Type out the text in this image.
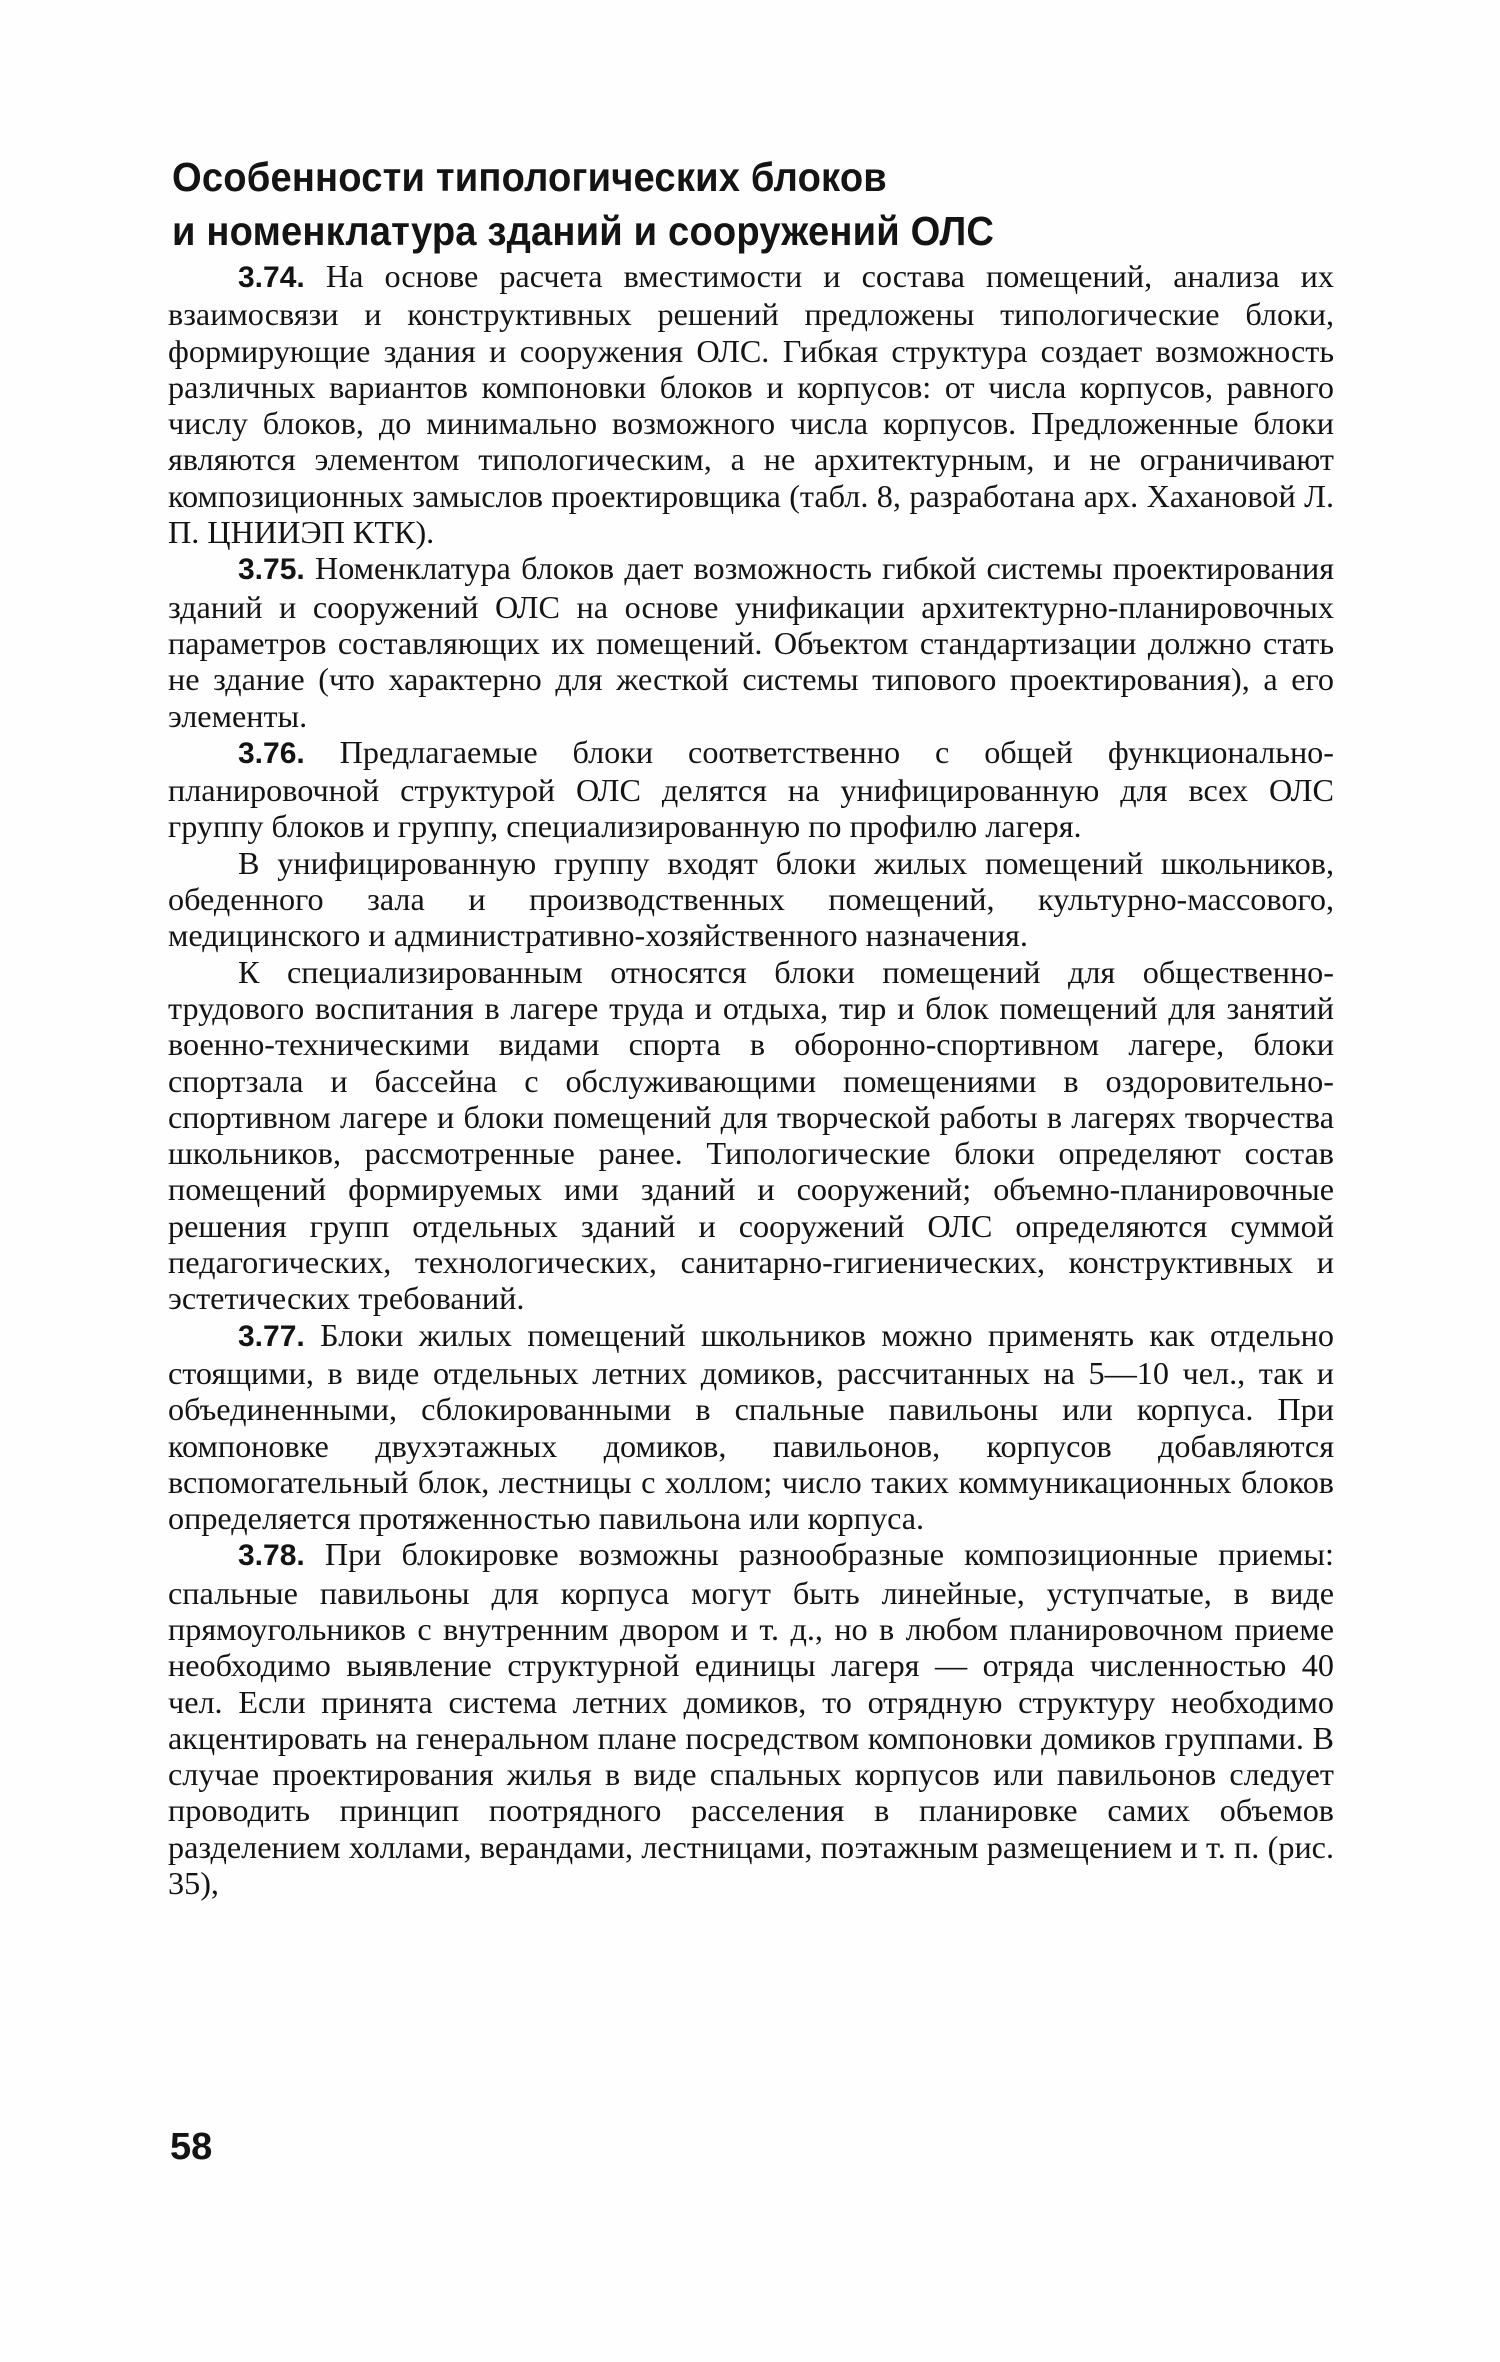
Особенности типологических блоков
и номенклатура зданий и сооружений ОЛС

3.74. На основе расчета вместимости и состава помещений, анализа их взаимосвязи и конструктивных решений предложены типологические блоки, формирующие здания и сооружения ОЛС. Гибкая структура создает возможность различных вариантов компоновки блоков и корпусов: от числа корпусов, равного числу блоков, до минимально возможного числа корпусов. Предложенные блоки являются элементом типологическим, а не архитектурным, и не ограничивают композиционных замыслов проектировщика (табл. 8, разработана арх. Хахановой Л. П. ЦНИИЭП КТК).

3.75. Номенклатура блоков дает возможность гибкой системы проектирования зданий и сооружений ОЛС на основе унификации архитектурно-планировочных параметров составляющих их помещений. Объектом стандартизации должно стать не здание (что характерно для жесткой системы типового проектирования), а его элементы.

3.76. Предлагаемые блоки соответственно с общей функционально-планировочной структурой ОЛС делятся на унифицированную для всех ОЛС группу блоков и группу, специализированную по профилю лагеря.

В унифицированную группу входят блоки жилых помещений школьников, обеденного зала и производственных помещений, культурно-массового, медицинского и административно-хозяйственного назначения.

К специализированным относятся блоки помещений для общественно-трудового воспитания в лагере труда и отдыха, тир и блок помещений для занятий военно-техническими видами спорта в оборонно-спортивном лагере, блоки спортзала и бассейна с обслуживающими помещениями в оздоровительно-спортивном лагере и блоки помещений для творческой работы в лагерях творчества школьников, рассмотренные ранее. Типологические блоки определяют состав помещений формируемых ими зданий и сооружений; объемно-планировочные решения групп отдельных зданий и сооружений ОЛС определяются суммой педагогических, технологических, санитарно-гигиенических, конструктивных и эстетических требований.

3.77. Блоки жилых помещений школьников можно применять как отдельно стоящими, в виде отдельных летних домиков, рассчитанных на 5—10 чел., так и объединенными, сблокированными в спальные павильоны или корпуса. При компоновке двухэтажных домиков, павильонов, корпусов добавляются вспомогательный блок, лестницы с холлом; число таких коммуникационных блоков определяется протяженностью павильона или корпуса.

3.78. При блокировке возможны разнообразные композиционные приемы: спальные павильоны для корпуса могут быть линейные, уступчатые, в виде прямоугольников с внутренним двором и т. д., но в любом планировочном приеме необходимо выявление структурной единицы лагеря — отряда численностью 40 чел. Если принята система летних домиков, то отрядную структуру необходимо акцентировать на генеральном плане посредством компоновки домиков группами. В случае проектирования жилья в виде спальных корпусов или павильонов следует проводить принцип поотрядного расселения в планировке самих объемов разделением холлами, верандами, лестницами, поэтажным размещением и т. п. (рис. 35),

58
